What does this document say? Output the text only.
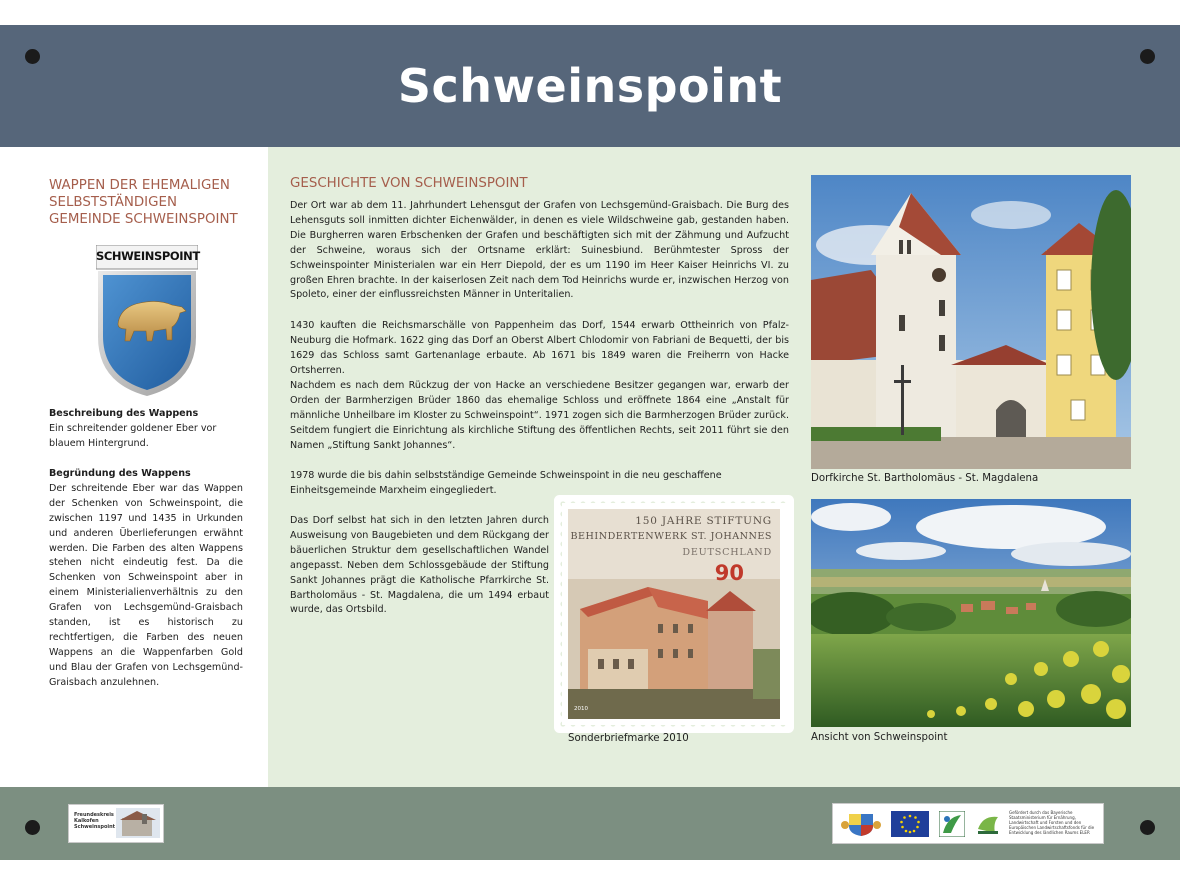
Schweinspoint
WAPPEN DER EHEMALIGEN SELBSTSTÄNDIGEN GEMEINDE SCHWEINSPOINT
SCHWEINSPOINT
Beschreibung des Wappens
Ein schreitender goldener Eber vor blauem Hintergrund.
Begründung des Wappens
Der schreitende Eber war das Wappen der Schenken von Schweinspoint, die zwischen 1197 und 1435 in Urkunden und anderen Überlieferungen erwähnt werden. Die Farben des alten Wappens stehen nicht eindeutig fest. Da die Schenken von Schweinspoint aber in einem Ministerialienverhältnis zu den Grafen von Lechsgemünd-Graisbach standen, ist es historisch zu rechtfertigen, die Farben des neuen Wappens an die Wappenfarben Gold und Blau der Grafen von Lechsgemünd-Graisbach anzulehnen.
GESCHICHTE VON SCHWEINSPOINT
Der Ort war ab dem 11. Jahrhundert Lehensgut der Grafen von Lechsgemünd-Graisbach. Die Burg des Lehensguts soll inmitten dichter Eichenwälder, in denen es viele Wildschweine gab, gestanden haben. Die Burgherren waren Erbschenken der Grafen und beschäftigten sich mit der Zähmung und Aufzucht der Schweine, woraus sich der Ortsname erklärt: Suinesbiund. Berühmtester Spross der Schweinspointer Ministerialen war ein Herr Diepold, der es um 1190 im Heer Kaiser Heinrichs VI. zu großen Ehren brachte. In der kaiserlosen Zeit nach dem Tod Heinrichs wurde er, inzwischen Herzog von Spoleto, einer der einflussreichsten Männer in Unteritalien.
1430 kauften die Reichsmarschälle von Pappenheim das Dorf, 1544 erwarb Ottheinrich von Pfalz-Neuburg die Hofmark. 1622 ging das Dorf an Oberst Albert Chlodomir von Fabriani de Bequetti, der bis 1629 das Schloss samt Gartenanlage erbaute. Ab 1671 bis 1849 waren die Freiherrn von Hacke Ortsherren.
Nachdem es nach dem Rückzug der von Hacke an verschiedene Besitzer gegangen war, erwarb der Orden der Barmherzigen Brüder 1860 das ehemalige Schloss und eröffnete 1864 eine „Anstalt für männliche Unheilbare im Kloster zu Schweinspoint“. 1971 zogen sich die Barmherzogen Brüder zurück. Seitdem fungiert die Einrichtung als kirchliche Stiftung des öffentlichen Rechts, seit 2011 führt sie den Namen „Stiftung Sankt Johannes“.
1978 wurde die bis dahin selbstständige Gemeinde Schweinspoint in die neu geschaffene Einheitsgemeinde Marxheim eingegliedert.
Das Dorf selbst hat sich in den letzten Jahren durch Ausweisung von Baugebieten und dem Rückgang der bäuerlichen Struktur dem gesellschaftlichen Wandel angepasst. Neben dem Schlossgebäude der Stiftung Sankt Johannes prägt die Katholische Pfarrkirche St. Bartholomäus - St. Magdalena, die um 1494 erbaut wurde, das Ortsbild.
150 JAHRE STIFTUNG
BEHINDERTENWERK ST. JOHANNES
DEUTSCHLAND
90
2010
Sonderbriefmarke 2010
Dorfkirche St. Bartholomäus - St. Magdalena
Ansicht von Schweinspoint
Freundeskreis Kalkofen Schweinspoint
Gefördert durch das Bayerische Staatsministerium für Ernährung, Landwirtschaft und Forsten und den Europäischen Landwirtschaftsfonds für die Entwicklung des ländlichen Raums ELER
